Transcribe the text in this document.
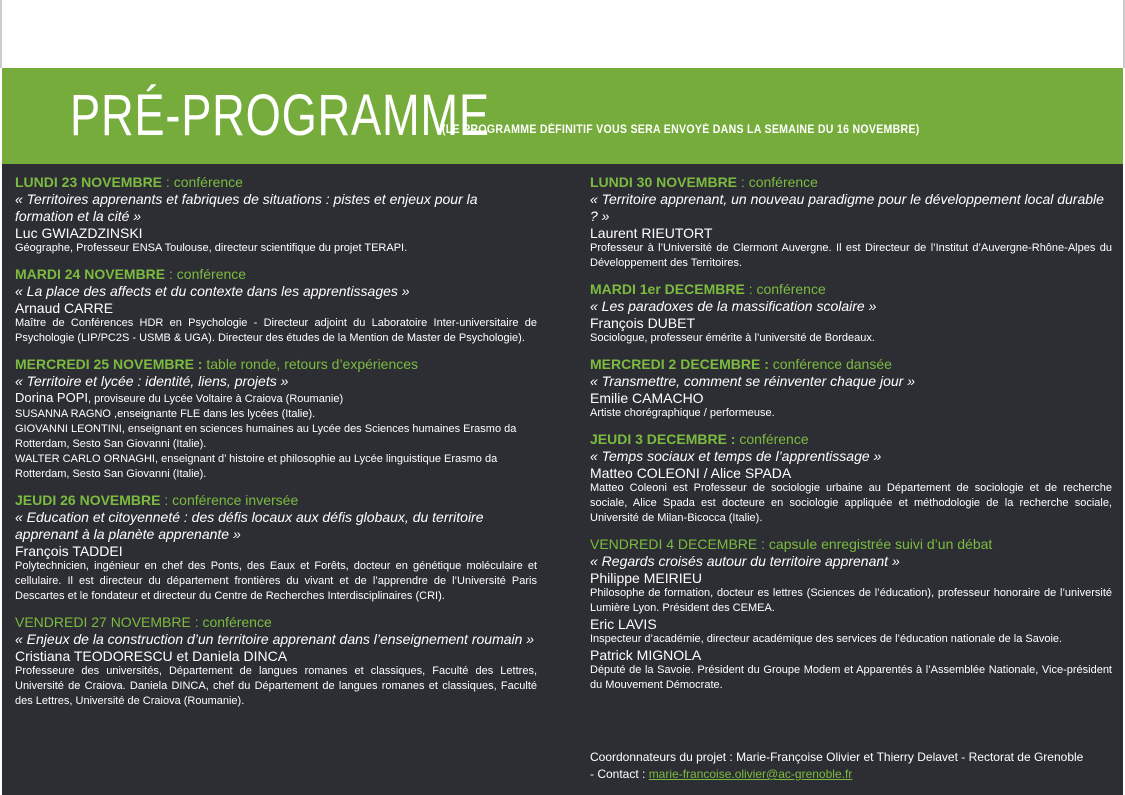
PRÉ-PROGRAMME
(LE PROGRAMME DÉFINITIF VOUS SERA ENVOYÉ DANS LA SEMAINE DU 16 NOVEMBRE)
LUNDI 23 NOVEMBRE : conférence
« Territoires apprenants et fabriques de situations : pistes et enjeux pour la formation et la cité »
Luc GWIAZDZINSKI
Géographe, Professeur ENSA Toulouse, directeur scientifique du projet TERAPI.
MARDI 24 NOVEMBRE : conférence
« La place des affects et du contexte dans les apprentissages »
Arnaud CARRE
Maître de Conférences HDR en Psychologie - Directeur adjoint du Laboratoire Inter-universitaire de Psychologie (LIP/PC2S - USMB & UGA). Directeur des études de la Mention de Master de Psychologie).
MERCREDI 25 NOVEMBRE : table ronde, retours d’expériences
« Territoire et lycée : identité, liens, projets »
Dorina POPI, proviseure du Lycée Voltaire à Craiova (Roumanie)
SUSANNA RAGNO ,enseignante FLE dans les lycées (Italie).
GIOVANNI LEONTINI, enseignant en sciences humaines au Lycée des Sciences humaines Erasmo da Rotterdam, Sesto San Giovanni (Italie).
WALTER CARLO ORNAGHI, enseignant d’ histoire et philosophie au Lycée linguistique Erasmo da Rotterdam, Sesto San Giovanni (Italie).
JEUDI 26 NOVEMBRE : conférence inversée
« Education et citoyenneté : des défis locaux aux défis globaux, du territoire apprenant à la planète apprenante »
François TADDEI
Polytechnicien, ingénieur en chef des Ponts, des Eaux et Forêts, docteur en génétique moléculaire et cellulaire. Il est directeur du département frontières du vivant et de l’apprendre de l’Université Paris Descartes et le fondateur et directeur du Centre de Recherches Interdisciplinaires (CRI).
VENDREDI 27 NOVEMBRE : conférence
« Enjeux de la construction d’un territoire apprenant dans l’enseignement roumain »
Cristiana TEODORESCU et Daniela DINCA
Professeure des universités, Département de langues romanes et classiques, Faculté des Lettres, Université de Craiova. Daniela DINCA, chef du Département de langues romanes et classiques, Faculté des Lettres, Université de Craiova (Roumanie).
LUNDI 30 NOVEMBRE : conférence
« Territoire apprenant, un nouveau paradigme pour le développement local durable ? »
Laurent RIEUTORT
Professeur à l’Université de Clermont Auvergne. Il est Directeur de l’Institut d’Auvergne-Rhône-Alpes du Développement des Territoires.
MARDI 1er DECEMBRE : conférence
« Les paradoxes de la massification scolaire »
François DUBET
Sociologue, professeur émérite à l’université de Bordeaux.
MERCREDI 2 DECEMBRE : conférence dansée
« Transmettre, comment se réinventer chaque jour »
Emilie CAMACHO
Artiste chorégraphique / performeuse.
JEUDI 3 DECEMBRE : conférence
« Temps sociaux et temps de l’apprentissage »
Matteo COLEONI / Alice SPADA
Matteo Coleoni est Professeur de sociologie urbaine au Département de sociologie et de recherche sociale, Alice Spada est docteure en sociologie appliquée et méthodologie de la recherche sociale, Université de Milan-Bicocca (Italie).
VENDREDI 4 DECEMBRE : capsule enregistrée suivi d’un débat
« Regards croisés autour du territoire apprenant »
Philippe MEIRIEU
Philosophe de formation, docteur es lettres (Sciences de l’éducation), professeur honoraire de l’université Lumière Lyon. Président des CEMEA.
Eric LAVIS
Inspecteur d’académie, directeur académique des services de l’éducation nationale de la Savoie.
Patrick MIGNOLA
Député de la Savoie. Président du Groupe Modem et Apparentés à l’Assemblée Nationale, Vice-président du Mouvement Démocrate.
Coordonnateurs du projet : Marie-Françoise Olivier et Thierry Delavet - Rectorat de Grenoble - Contact : marie-francoise.olivier@ac-grenoble.fr
